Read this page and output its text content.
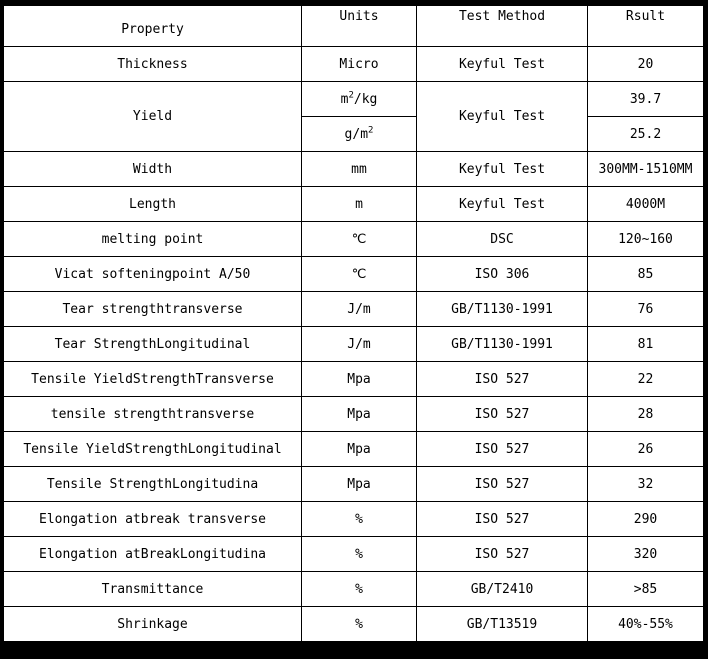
Property	Units	Test Method	Rsult
Thickness	Micro	Keyful Test	20
Yield	$m^2/kg$	Keyful Test	39.7
	$g/m^2$		25.2
Width	mm	Keyful Test	300MM-1510MM
Length	m	Keyful Test	4000M
melting point	℃	DSC	120~160
Vicat softeningpoint A/50	℃	ISO 306	85
Tear strengthtransverse	J/m	GB/T1130-1991	76
Tear StrengthLongitudinal	J/m	GB/T1130-1991	81
Tensile YieldStrengthTransverse	Mpa	ISO 527	22
tensile strengthtransverse	Mpa	ISO 527	28
Tensile YieldStrengthLongitudinal	Mpa	ISO 527	26
Tensile StrengthLongitudina	Mpa	ISO 527	32
Elongation atbreak transverse	%	ISO 527	290
Elongation atBreakLongitudina	%	ISO 527	320
Transmittance	%	GB/T2410	>85
Shrinkage	%	GB/T13519	40%-55%
